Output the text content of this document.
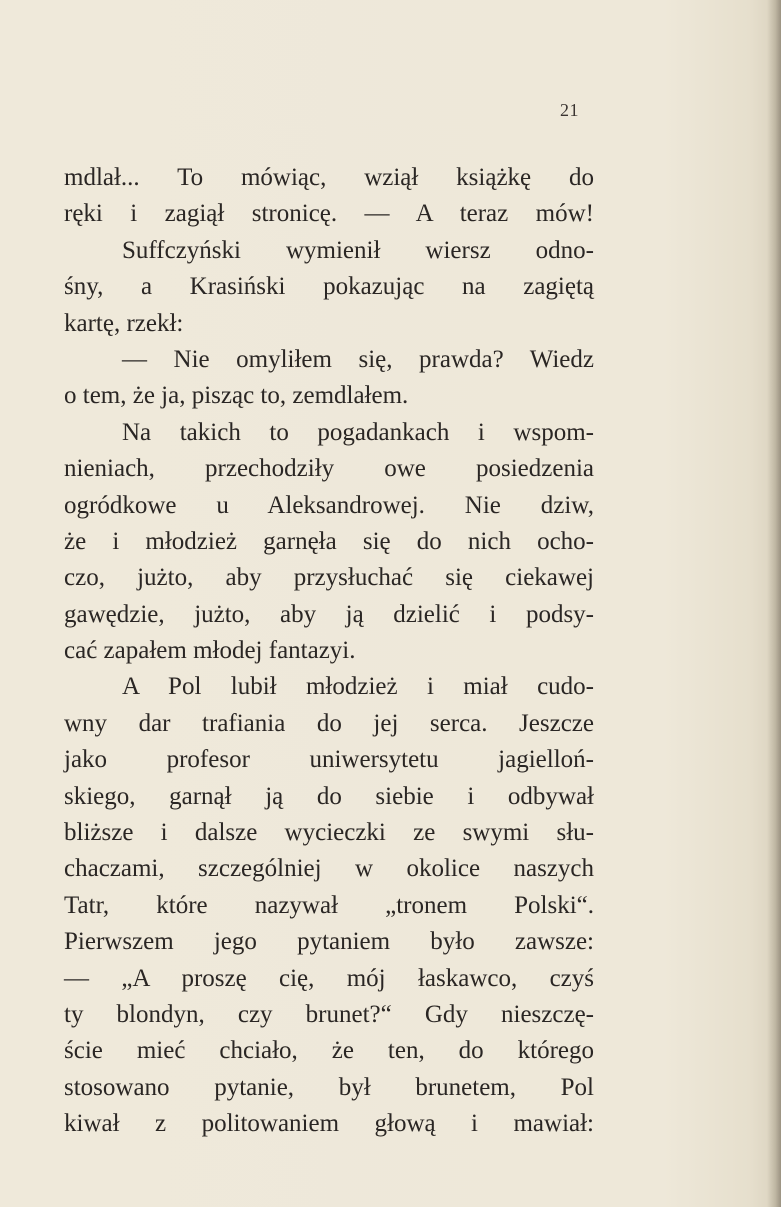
21
mdlał... To mówiąc, wziął książkę do
ręki i zagiął stronicę. — A teraz mów!
Suffczyński wymienił wiersz odno-
śny, a Krasiński pokazując na zagiętą
kartę, rzekł:
— Nie omyliłem się, prawda? Wiedz
o tem, że ja, pisząc to, zemdlałem.
Na takich to pogadankach i wspom-
nieniach, przechodziły owe posiedzenia
ogródkowe u Aleksandrowej. Nie dziw,
że i młodzież garnęła się do nich ocho-
czo, jużto, aby przysłuchać się ciekawej
gawędzie, jużto, aby ją dzielić i podsy-
cać zapałem młodej fantazyi.
A Pol lubił młodzież i miał cudo-
wny dar trafiania do jej serca. Jeszcze
jako profesor uniwersytetu jagielloń-
skiego, garnął ją do siebie i odbywał
bliższe i dalsze wycieczki ze swymi słu-
chaczami, szczególniej w okolice naszych
Tatr, które nazywał „tronem Polski“.
Pierwszem jego pytaniem było zawsze:
— „A proszę cię, mój łaskawco, czyś
ty blondyn, czy brunet?“ Gdy nieszczę-
ście mieć chciało, że ten, do którego
stosowano pytanie, był brunetem, Pol
kiwał z politowaniem głową i mawiał:
